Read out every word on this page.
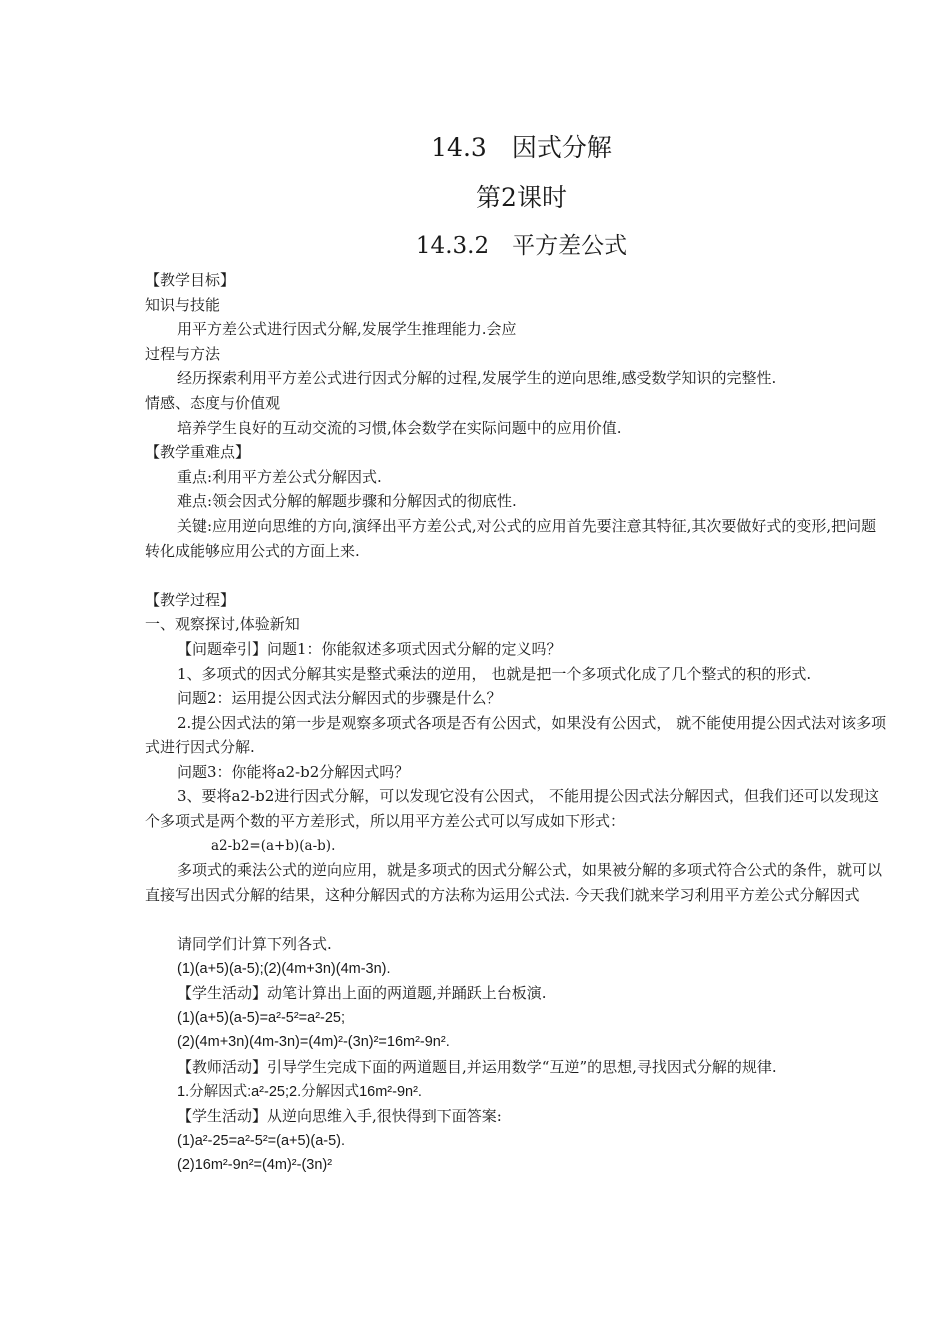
14.3　因式分解
第2课时
14.3.2　平方差公式

【教学目标】

知识与技能

用平方差公式进行因式分解,发展学生推理能力.会应

过程与方法

经历探索利用平方差公式进行因式分解的过程,发展学生的逆向思维,感受数学知识的完整性.

情感、态度与价值观

培养学生良好的互动交流的习惯,体会数学在实际问题中的应用价值.

【教学重难点】

重点:利用平方差公式分解因式.

难点:领会因式分解的解题步骤和分解因式的彻底性.

关键:应用逆向思维的方向,演绎出平方差公式,对公式的应用首先要注意其特征,其次要做好式的变形,把问题转化成能够应用公式的方面上来.

【教学过程】

一、观察探讨,体验新知

【问题牵引】问题1：你能叙述多项式因式分解的定义吗？

1、多项式的因式分解其实是整式乘法的逆用， 也就是把一个多项式化成了几个整式的积的形式.

问题2：运用提公因式法分解因式的步骤是什么？

2.提公因式法的第一步是观察多项式各项是否有公因式，如果没有公因式， 就不能使用提公因式法对该多项式进行因式分解.

问题3：你能将a2-b2分解因式吗？

3、要将a2-b2进行因式分解，可以发现它没有公因式， 不能用提公因式法分解因式，但我们还可以发现这个多项式是两个数的平方差形式，所以用平方差公式可以写成如下形式：

a2-b2=(a+b)(a-b).

多项式的乘法公式的逆向应用，就是多项式的因式分解公式，如果被分解的多项式符合公式的条件，就可以直接写出因式分解的结果，这种分解因式的方法称为运用公式法. 今天我们就来学习利用平方差公式分解因式

请同学们计算下列各式.

(1)(a+5)(a-5);(2)(4m+3n)(4m-3n).

【学生活动】动笔计算出上面的两道题,并踊跃上台板演.

(1)(a+5)(a-5)=a²-5²=a²-25;

(2)(4m+3n)(4m-3n)=(4m)²-(3n)²=16m²-9n².

【教师活动】引导学生完成下面的两道题目,并运用数学“互逆”的思想,寻找因式分解的规律.

1.分解因式:a²-25;2.分解因式16m²-9n².

【学生活动】从逆向思维入手,很快得到下面答案:

(1)a²-25=a²-5²=(a+5)(a-5).

(2)16m²-9n²=(4m)²-(3n)²
